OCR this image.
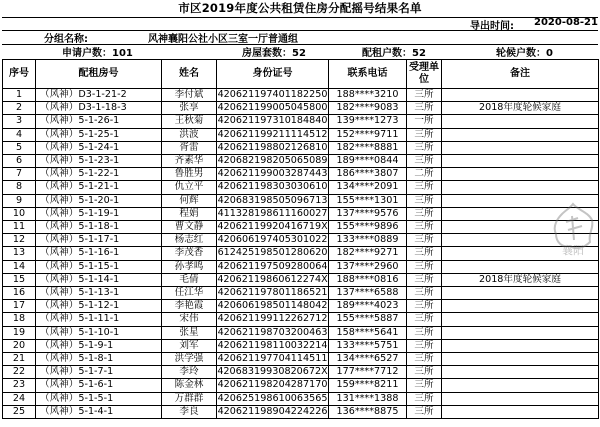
市区2019年度公共租赁住房分配摇号结果名单
导出时间: 2020-08-21
分组名称:	风神襄阳公社小区三室一厅普通组
申请户数：101	房屋套数：52	配租户数：52	轮候户数：0
序号	配租房号	姓名	身份证号	联系电话	受理单位	备注
1	（风神）D3-1-21-2	李付斌	420621197401182250	188****3210	三所	
2	（风神）D3-1-18-3	张享	420621199005045800	182****9083	三所	2018年度轮候家庭
3	（风神）5-1-26-1	王秋菊	420621197310184840	139****1273	一所	
4	（风神）5-1-25-1	洪波	420621199211114512	152****9711	三所	
5	（风神）5-1-24-1	胥雷	420621198802126810	182****8881	三所	
6	（风神）5-1-23-1	齐素华	420682198205065089	189****0844	三所	
7	（风神）5-1-22-1	鲁胜男	420621199003287443	186****3807	二所	
8	（风神）5-1-21-1	仇立平	420621198303030610	134****2091	三所	
9	（风神）5-1-20-1	何辉	420683198505096713	155****1301	三所	
10	（风神）5-1-19-1	程娟	411328198611160027	137****9576	三所	
11	（风神）5-1-18-1	曹文静	42062119920416719X	155****9896	三所	
12	（风神）5-1-17-1	杨志红	420606197405301022	133****0889	三所	
13	（风神）5-1-16-1	李茂香	612425198501280620	182****9271	三所	
14	（风神）5-1-15-1	孙孝鸣	420621197509280064	137****2960	三所	
15	（风神）5-1-14-1	毛倩	42062119860612274X	188****0816	三所	2018年度轮候家庭
16	（风神）5-1-13-1	任江华	420621197801186521	137****6588	三所	
17	（风神）5-1-12-1	李艳霞	420606198501148042	189****4023	三所	
18	（风神）5-1-11-1	宋伟	420621199112262712	155****5887	三所	
19	（风神）5-1-10-1	张星	420621198703200463	158****5641	三所	
20	（风神）5-1-9-1	刘军	420621198110032214	133****5751	三所	
21	（风神）5-1-8-1	洪学强	420621197704114511	134****6527	三所	
22	（风神）5-1-7-1	李玲	42068319930820672X	177****7712	三所	
23	（风神）5-1-6-1	陈金林	420621198204287170	159****8211	三所	
24	（风神）5-1-5-1	万群群	420625198610063565	131****1388	三所	
25	（风神）5-1-4-1	李良	420621198904224226	136****8875	三所	
襄阳
